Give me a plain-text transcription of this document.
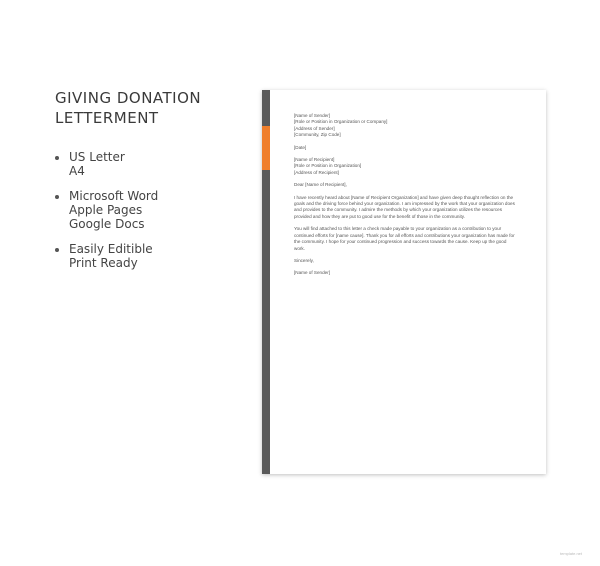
GIVING DONATION
LETTERMENT
US Letter
A4
Microsoft Word
Apple Pages
Google Docs
Easily Editible
Print Ready

[Name of Sender]

[Role or Position in Organization or Company]

[Address of Sender]

[Community, Zip Code]

[Date]

[Name of Recipient]

[Role or Position in Organization]

[Address of Recipient]

Dear [Name of Recipient],

I have recently heard about [Name of Recipient Organization] and have given deep thought reflection on the goals and the driving force behind your organization. I am impressed by the work that your organization does and provides to the community. I admire the methods by which your organization utilizes the resources provided and how they are put to good use for the benefit of those in the community.

You will find attached to this letter a check made payable to your organization as a contribution to your continued efforts for [name cause]. Thank you for all efforts and contributions your organization has made for the community. I hope for your continued progression and success towards the cause. Keep up the good work.

Sincerely,

[Name of Sender]

template.net
